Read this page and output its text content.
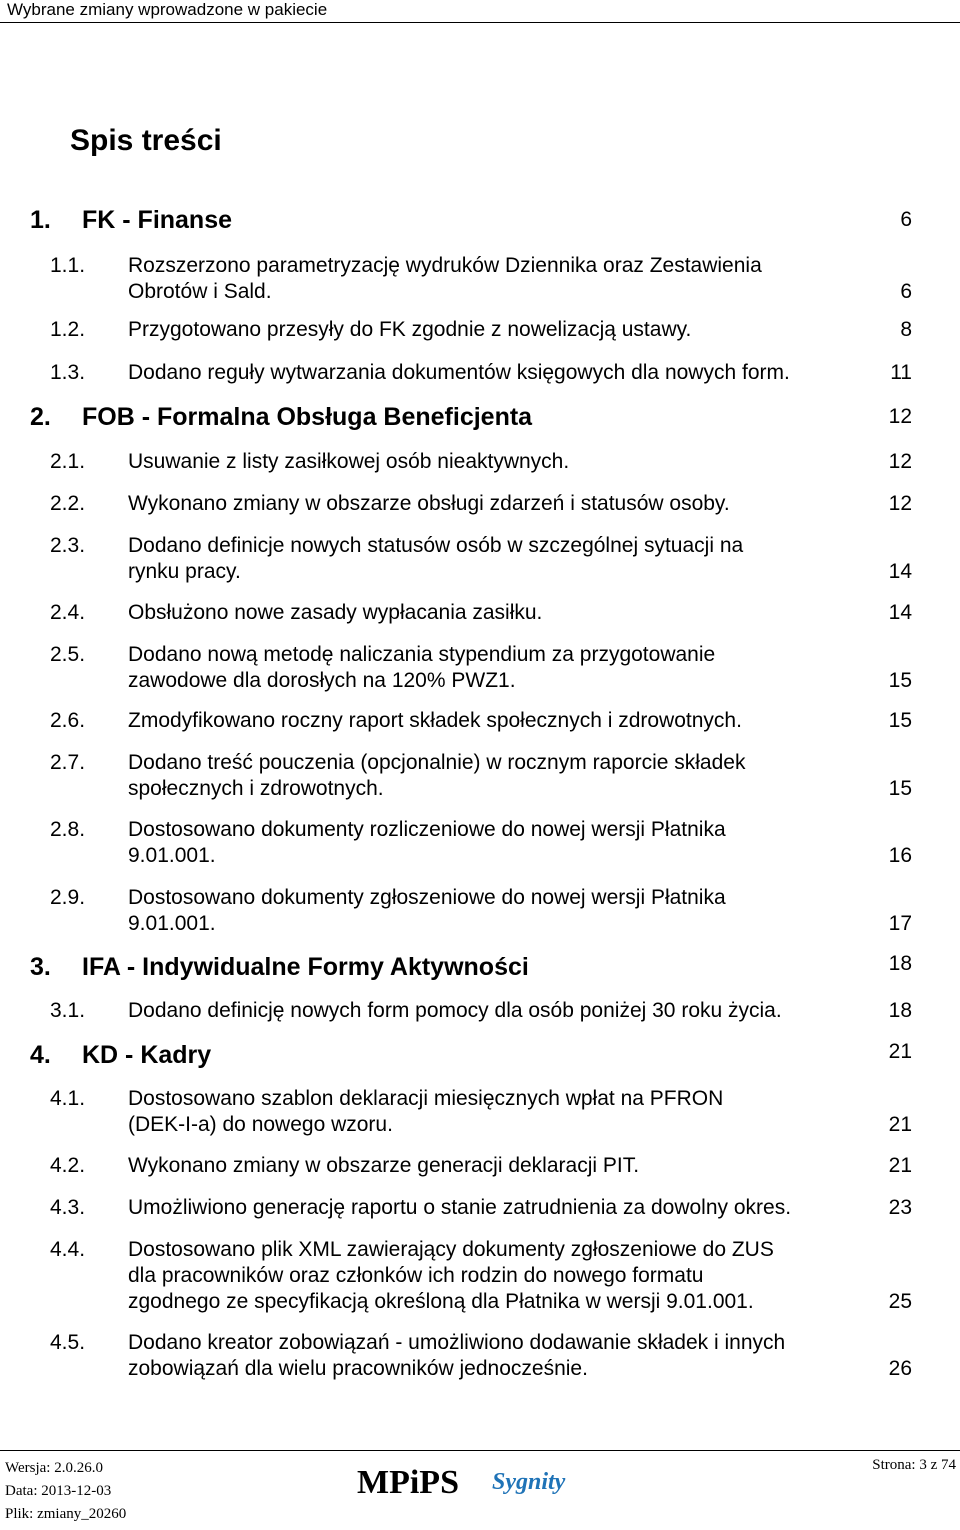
Wybrane zmiany wprowadzone w pakiecie
Spis treści
1. FK - Finanse	6
1.1. Rozszerzono parametryzację wydruków Dziennika oraz Zestawienia
Obrotów i Sald.	6
1.2. Przygotowano przesyły do FK zgodnie z nowelizacją ustawy.	8
1.3. Dodano reguły wytwarzania dokumentów księgowych dla nowych form.	11
2. FOB - Formalna Obsługa Beneficjenta	12
2.1. Usuwanie z listy zasiłkowej osób nieaktywnych.	12
2.2. Wykonano zmiany w obszarze obsługi zdarzeń i statusów osoby.	12
2.3. Dodano definicje nowych statusów osób w szczególnej sytuacji na
rynku pracy.	14
2.4. Obsłużono nowe zasady wypłacania zasiłku.	14
2.5. Dodano nową metodę naliczania stypendium za przygotowanie
zawodowe dla dorosłych na 120% PWZ1.	15
2.6. Zmodyfikowano roczny raport składek społecznych i zdrowotnych.	15
2.7. Dodano treść pouczenia (opcjonalnie) w rocznym raporcie składek
społecznych i zdrowotnych.	15
2.8. Dostosowano dokumenty rozliczeniowe do nowej wersji Płatnika
9.01.001.	16
2.9. Dostosowano dokumenty zgłoszeniowe do nowej wersji Płatnika
9.01.001.	17
3. IFA - Indywidualne Formy Aktywności	18
3.1. Dodano definicję nowych form pomocy dla osób poniżej 30 roku życia.	18
4. KD - Kadry	21
4.1. Dostosowano szablon deklaracji miesięcznych wpłat na PFRON
(DEK-I-a) do nowego wzoru.	21
4.2. Wykonano zmiany w obszarze generacji deklaracji PIT.	21
4.3. Umożliwiono generację raportu o stanie zatrudnienia za dowolny okres.	23
4.4. Dostosowano plik XML zawierający dokumenty zgłoszeniowe do ZUS
dla pracowników oraz członków ich rodzin do nowego formatu
zgodnego ze specyfikacją określoną dla Płatnika w wersji 9.01.001.	25
4.5. Dodano kreator zobowiązań - umożliwiono dodawanie składek i innych
zobowiązań dla wielu pracowników jednocześnie.	26
Wersja: 2.0.26.0
Data: 2013-12-03
Plik: zmiany_20260
MPiPS Sygnity
Strona: 3 z 74
